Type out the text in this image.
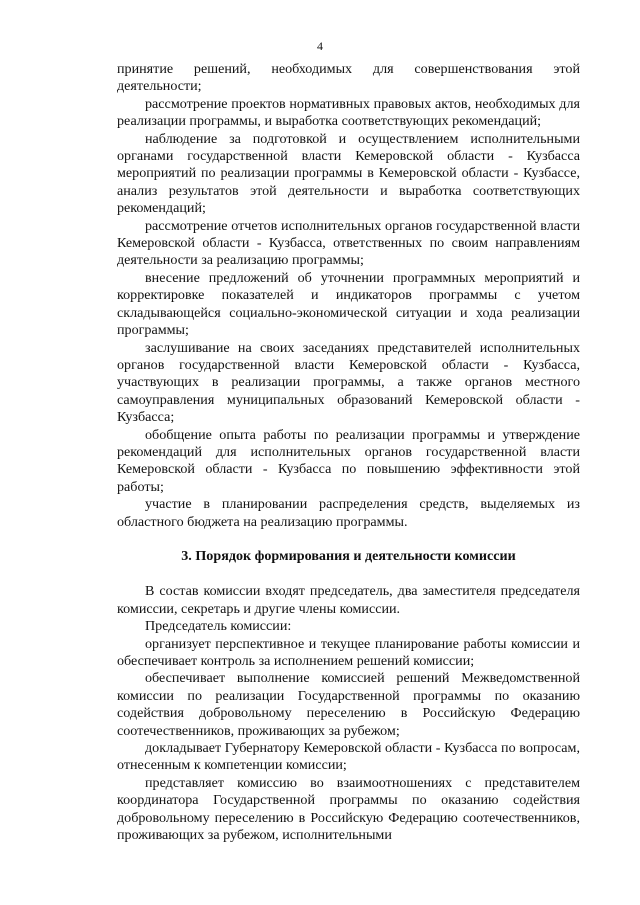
4

принятие решений, необходимых для совершенствования этой деятельности;

рассмотрение проектов нормативных правовых актов, необходимых для реализации программы, и выработка соответствующих рекомендаций;

наблюдение за подготовкой и осуществлением исполнительными органами государственной власти Кемеровской области - Кузбасса мероприятий по реализации программы в Кемеровской области - Кузбассе, анализ результатов этой деятельности и выработка соответствующих рекомендаций;

рассмотрение отчетов исполнительных органов государственной власти Кемеровской области - Кузбасса, ответственных по своим направлениям деятельности за реализацию программы;

внесение предложений об уточнении программных мероприятий и корректировке показателей и индикаторов программы с учетом складывающейся социально-экономической ситуации и хода реализации программы;

заслушивание на своих заседаниях представителей исполнительных органов государственной власти Кемеровской области - Кузбасса, участвующих в реализации программы, а также органов местного самоуправления муниципальных образований Кемеровской области - Кузбасса;

обобщение опыта работы по реализации программы и утверждение рекомендаций для исполнительных органов государственной власти Кемеровской области - Кузбасса по повышению эффективности этой работы;

участие в планировании распределения средств, выделяемых из областного бюджета на реализацию программы.

3. Порядок формирования и деятельности комиссии

В состав комиссии входят председатель, два заместителя председателя комиссии, секретарь и другие члены комиссии.

Председатель комиссии:

организует перспективное и текущее планирование работы комиссии и обеспечивает контроль за исполнением решений комиссии;

обеспечивает выполнение комиссией решений Межведомственной комиссии по реализации Государственной программы по оказанию содействия добровольному переселению в Российскую Федерацию соотечественников, проживающих за рубежом;

докладывает Губернатору Кемеровской области - Кузбасса по вопросам, отнесенным к компетенции комиссии;

представляет комиссию во взаимоотношениях с представителем координатора Государственной программы по оказанию содействия добровольному переселению в Российскую Федерацию соотечественников, проживающих за рубежом, исполнительными
